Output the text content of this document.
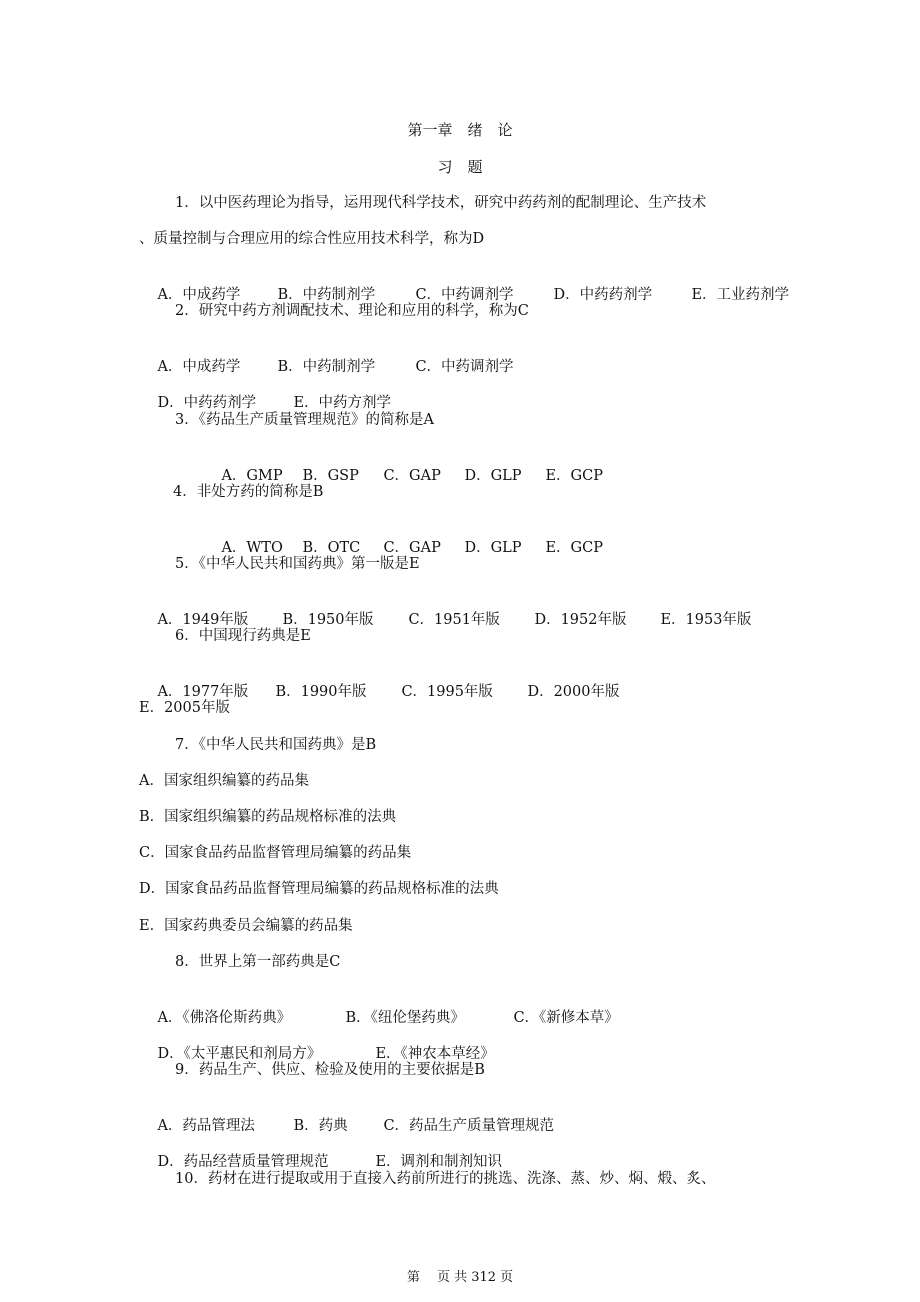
第一章　绪　论
习　题
1．以中医药理论为指导，运用现代科学技术，研究中药药剂的配制理论、生产技术
、质量控制与合理应用的综合性应用技术科学，称为D

A．中成药学	B．中药制剂学	C．中药调剂学	D．中药药剂学	E．工业药剂学

2．研究中药方剂调配技术、理论和应用的科学，称为C

A．中成药学	B．中药制剂学	C．中药调剂学

D．中药药剂学	E．中药方剂学

3．《药品生产质量管理规范》的简称是A

A．GMP B．GSP C．GAP D．GLP E．GCP

4．非处方药的简称是B

A．WTO B．OTC C．GAP D．GLP E．GCP

5．《中华人民共和国药典》第一版是E

A．1949年版 B．1950年版 C．1951年版 D．1952年版 E．1953年版

6．中国现行药典是E

A．1977年版 B．1990年版 C．1995年版 D．2000年版

E．2005年版
7．《中华人民共和国药典》是B
A．国家组织编纂的药品集
B．国家组织编纂的药品规格标准的法典
C．国家食品药品监督管理局编纂的药品集
D．国家食品药品监督管理局编纂的药品规格标准的法典
E．国家药典委员会编纂的药品集
8．世界上第一部药典是C

A．《佛洛伦斯药典》	B．《纽伦堡药典》	C．《新修本草》

D．《太平惠民和剂局方》	E．《神农本草经》

9．药品生产、供应、检验及使用的主要依据是B

A．药品管理法	B．药典 C．药品生产质量管理规范

D．药品经营质量管理规范	E．调剂和制剂知识

10．药材在进行提取或用于直接入药前所进行的挑选、洗涤、蒸、炒、焖、煅、炙、
第　 页 共 312 页
